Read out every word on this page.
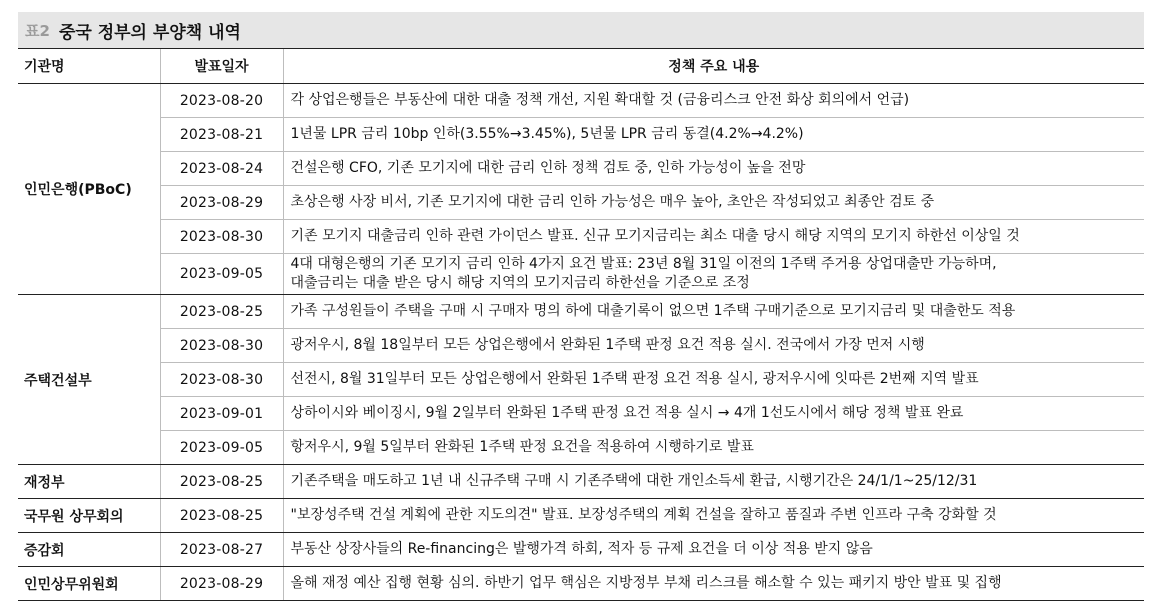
표2 중국 정부의 부양책 내역
기관명	발표일자	정책 주요 내용
인민은행(PBoC)	2023-08-20	각 상업은행들은 부동산에 대한 대출 정책 개선, 지원 확대할 것 (금융리스크 안전 화상 회의에서 언급)
	2023-08-21	1년물 LPR 금리 10bp 인하(3.55%→3.45%), 5년물 LPR 금리 동결(4.2%→4.2%)
	2023-08-24	건설은행 CFO, 기존 모기지에 대한 금리 인하 정책 검토 중, 인하 가능성이 높을 전망
	2023-08-29	초상은행 사장 비서, 기존 모기지에 대한 금리 인하 가능성은 매우 높아, 초안은 작성되었고 최종안 검토 중
	2023-08-30	기존 모기지 대출금리 인하 관련 가이던스 발표. 신규 모기지금리는 최소 대출 당시 해당 지역의 모기지 하한선 이상일 것
	2023-09-05	4대 대형은행의 기존 모기지 금리 인하 4가지 요건 발표: 23년 8월 31일 이전의 1주택 주거용 상업대출만 가능하며,
대출금리는 대출 받은 당시 해당 지역의 모기지금리 하한선을 기준으로 조정

주택건설부	2023-08-25	가족 구성원들이 주택을 구매 시 구매자 명의 하에 대출기록이 없으면 1주택 구매기준으로 모기지금리 및 대출한도 적용
	2023-08-30	광저우시, 8월 18일부터 모든 상업은행에서 완화된 1주택 판정 요건 적용 실시. 전국에서 가장 먼저 시행
	2023-08-30	선전시, 8월 31일부터 모든 상업은행에서 완화된 1주택 판정 요건 적용 실시, 광저우시에 잇따른 2번째 지역 발표
	2023-09-01	상하이시와 베이징시, 9월 2일부터 완화된 1주택 판정 요건 적용 실시 → 4개 1선도시에서 해당 정책 발표 완료
	2023-09-05	항저우시, 9월 5일부터 완화된 1주택 판정 요건을 적용하여 시행하기로 발표
재정부	2023-08-25	기존주택을 매도하고 1년 내 신규주택 구매 시 기존주택에 대한 개인소득세 환급, 시행기간은 24/1/1~25/12/31
국무원 상무회의	2023-08-25	"보장성주택 건설 계획에 관한 지도의견" 발표. 보장성주택의 계획 건설을 잘하고 품질과 주변 인프라 구축 강화할 것
증감회	2023-08-27	부동산 상장사들의 Re-financing은 발행가격 하회, 적자 등 규제 요건을 더 이상 적용 받지 않음
인민상무위원회	2023-08-29	올해 재정 예산 집행 현황 심의. 하반기 업무 핵심은 지방정부 부채 리스크를 해소할 수 있는 패키지 방안 발표 및 집행
